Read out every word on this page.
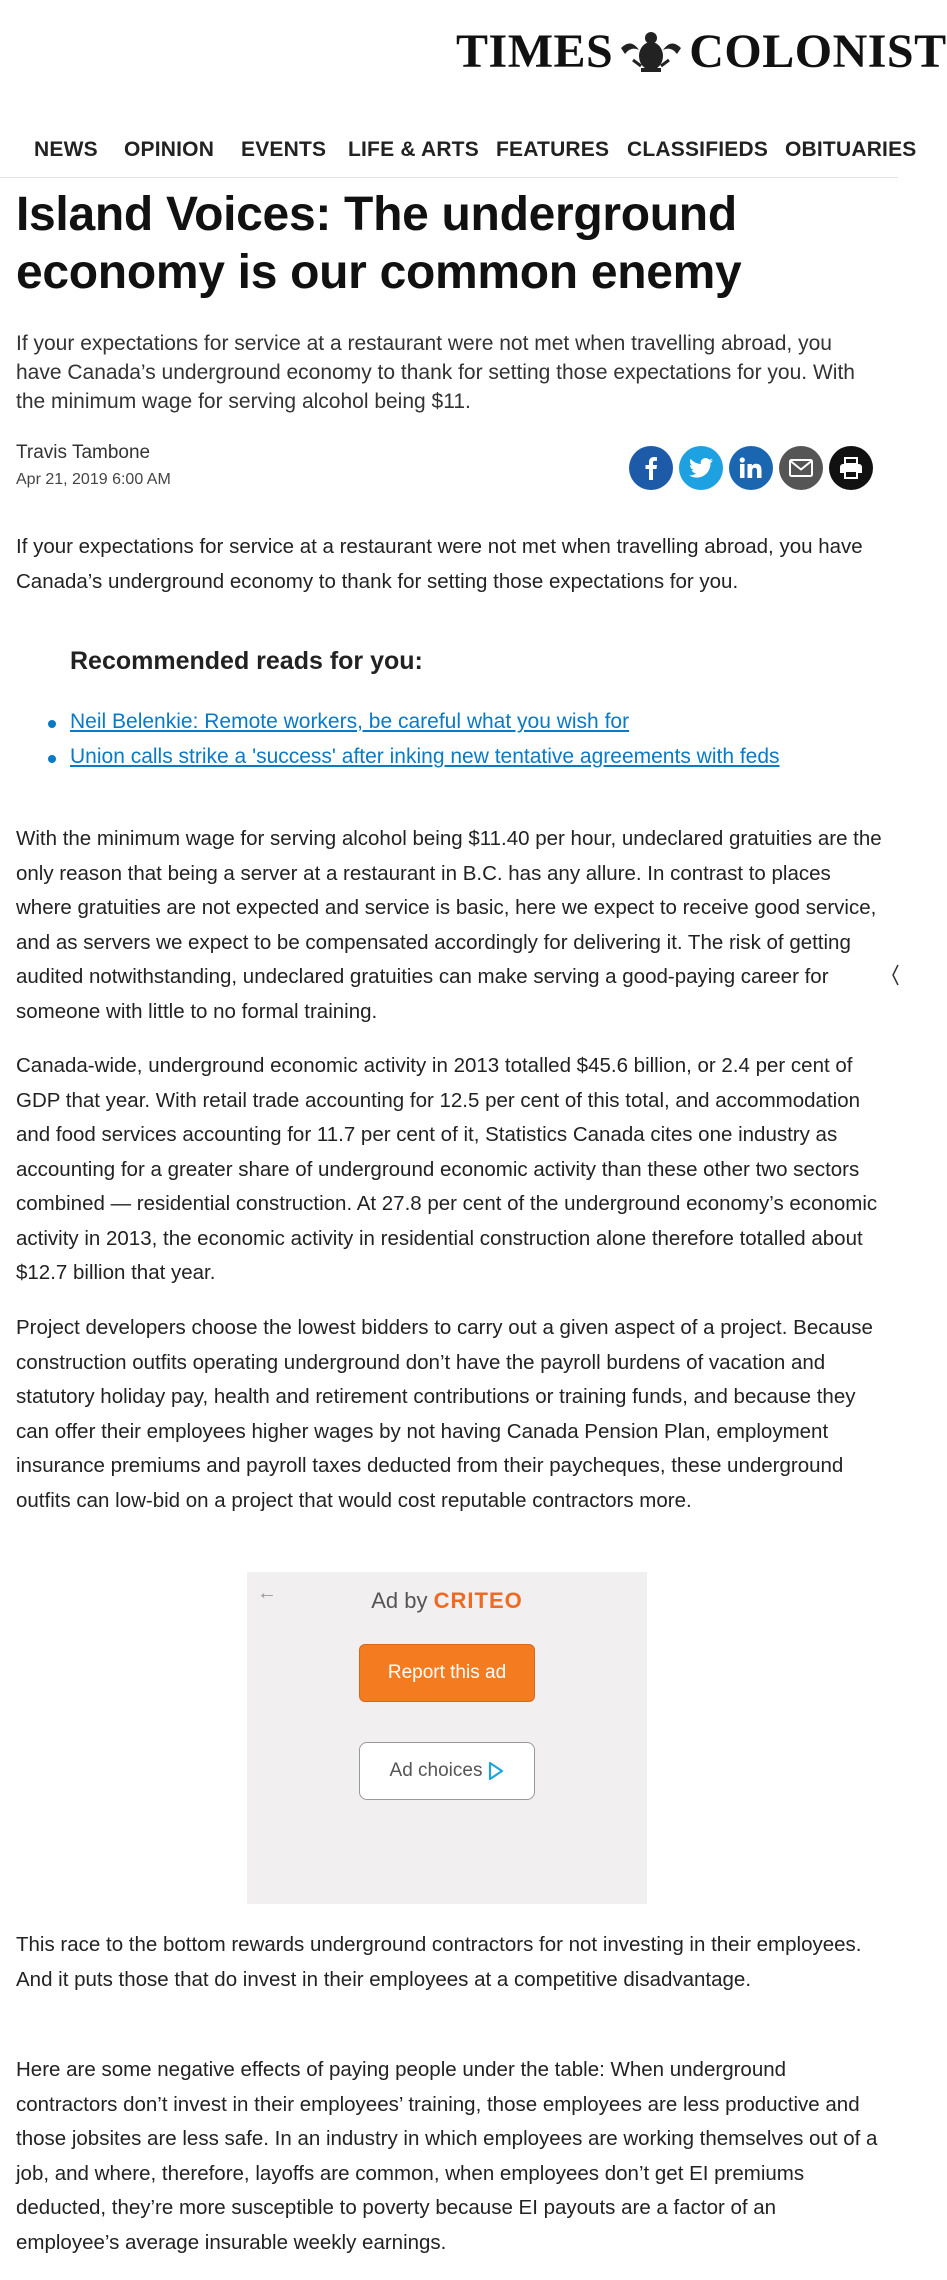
TIMES COLONIST
NEWS OPINION EVENTS LIFE & ARTS FEATURES CLASSIFIEDS OBITUARIES
Island Voices: The underground economy is our common enemy

If your expectations for service at a restaurant were not met when travelling abroad, you have Canada’s underground economy to thank for setting those expectations for you. With the minimum wage for serving alcohol being $11.

Travis Tambone
Apr 21, 2019 6:00 AM

If your expectations for service at a restaurant were not met when travelling abroad, you have Canada’s underground economy to thank for setting those expectations for you.

Recommended reads for you:
Neil Belenkie: Remote workers, be careful what you wish for
Union calls strike a 'success' after inking new tentative agreements with feds

With the minimum wage for serving alcohol being $11.40 per hour, undeclared gratuities are the only reason that being a server at a restaurant in B.C. has any allure. In contrast to places where gratuities are not expected and service is basic, here we expect to receive good service, and as servers we expect to be compensated accordingly for delivering it. The risk of getting audited notwithstanding, undeclared gratuities can make serving a good-paying career for someone with little to no formal training.

Canada-wide, underground economic activity in 2013 totalled $45.6 billion, or 2.4 per cent of GDP that year. With retail trade accounting for 12.5 per cent of this total, and accommodation and food services accounting for 11.7 per cent of it, Statistics Canada cites one industry as accounting for a greater share of underground economic activity than these other two sectors combined — residential construction. At 27.8 per cent of the underground economy’s economic activity in 2013, the economic activity in residential construction alone therefore totalled about $12.7 billion that year.

Project developers choose the lowest bidders to carry out a given aspect of a project. Because construction outfits operating underground don’t have the payroll burdens of vacation and statutory holiday pay, health and retirement contributions or training funds, and because they can offer their employees higher wages by not having Canada Pension Plan, employment insurance premiums and payroll taxes deducted from their paycheques, these underground outfits can low-bid on a project that would cost reputable contractors more.

←	Ad by CRITEO
Report this ad
Ad choices

This race to the bottom rewards underground contractors for not investing in their employees. And it puts those that do invest in their employees at a competitive disadvantage.

Here are some negative effects of paying people under the table: When underground contractors don’t invest in their employees’ training, those employees are less productive and those jobsites are less safe. In an industry in which employees are working themselves out of a job, and where, therefore, layoffs are common, when employees don’t get EI premiums deducted, they’re more susceptible to poverty because EI payouts are a factor of an employee’s average insurable weekly earnings.
